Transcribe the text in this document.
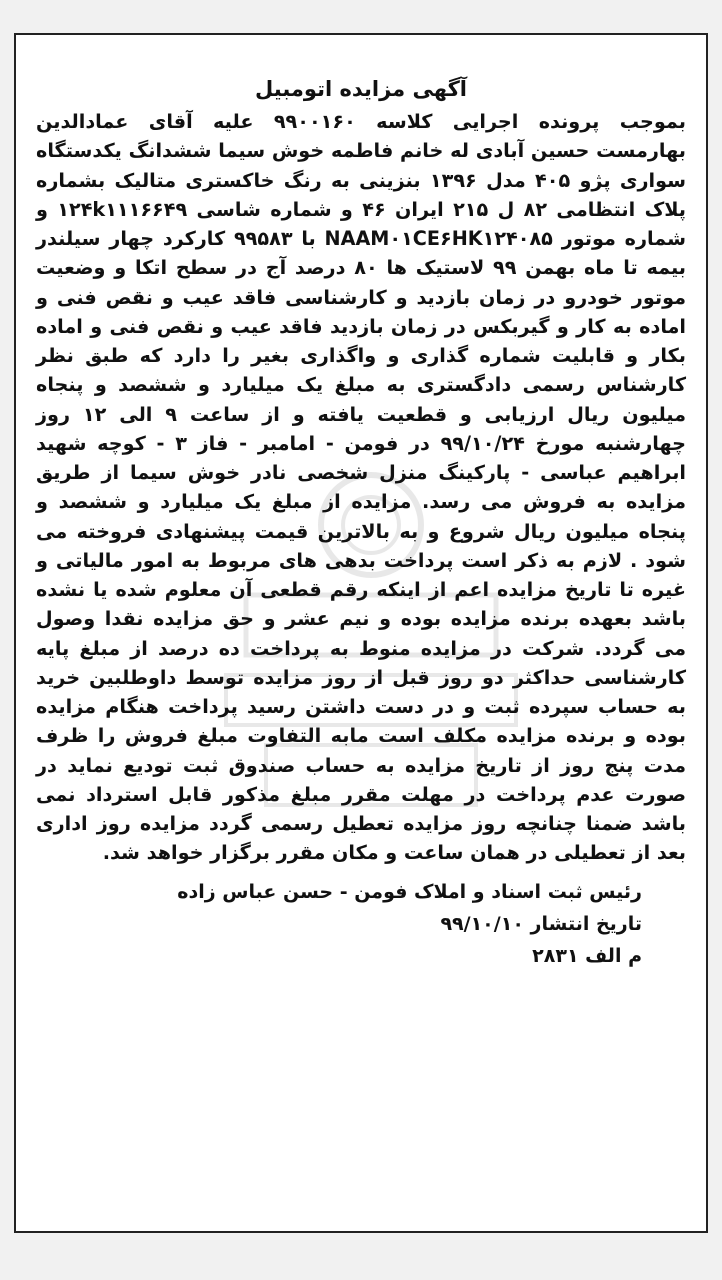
آگهی مزایده اتومبیل

بموجب پرونده اجرایی کلاسه ۹۹۰۰۱۶۰ علیه آقای عمادالدین بهارمست حسین آبادی له خانم فاطمه خوش سیما ششدانگ یکدستگاه سواری پژو ۴۰۵ مدل ۱۳۹۶ بنزینی به رنگ خاکستری متالیک بشماره پلاک انتظامی ۸۲ ل ۲۱۵ ایران ۴۶ و شماره شاسی ۱۲۴k۱۱۱۶۶۴۹ و شماره موتور NAAM۰۱CE۶HK۱۲۴۰۸۵ با ۹۹۵۸۳ کارکرد چهار سیلندر بیمه تا ماه بهمن ۹۹ لاستیک ها ۸۰ درصد آج در سطح اتکا و وضعیت موتور خودرو در زمان بازدید و کارشناسی فاقد عیب و نقص فنی و اماده به کار و گیربکس در زمان بازدید فاقد عیب و نقص فنی و اماده بکار و قابلیت شماره گذاری و واگذاری بغیر را دارد که طبق نظر کارشناس رسمی دادگستری به مبلغ یک میلیارد و ششصد و پنجاه میلیون ریال ارزیابی و قطعیت یافته و از ساعت ۹ الی ۱۲ روز چهارشنبه مورخ ۹۹/۱۰/۲۴ در فومن - امامبر - فاز ۳ - کوچه شهید ابراهیم عباسی - پارکینگ منزل شخصی نادر خوش سیما از طریق مزایده به فروش می رسد. مزایده از مبلغ یک میلیارد و ششصد و پنجاه میلیون ریال شروع و به بالاترین قیمت پیشنهادی فروخته می شود . لازم به ذکر است پرداخت بدهی های مربوط به امور مالیاتی و غیره تا تاریخ مزایده اعم از اینکه رقم قطعی آن معلوم شده یا نشده باشد بعهده برنده مزایده بوده و نیم عشر و حق مزایده نقدا وصول می گردد. شرکت در مزایده منوط به پرداخت ده درصد از مبلغ پایه کارشناسی حداکثر دو روز قبل از روز مزایده توسط داوطلبین خرید به حساب سپرده ثبت و در دست داشتن رسید پرداخت هنگام مزایده بوده و برنده مزایده مکلف است مابه التفاوت مبلغ فروش را ظرف مدت پنج روز از تاریخ مزایده به حساب صندوق ثبت توديع نماید در صورت عدم پرداخت در مهلت مقرر مبلغ مذکور قابل استرداد نمی باشد ضمنا چنانچه روز مزایده تعطیل رسمی گردد مزایده روز اداری بعد از تعطیلی در همان ساعت و مکان مقرر برگزار خواهد شد.

رئیس ثبت اسناد و املاک فومن - حسن عباس زاده
تاریخ انتشار ۹۹/۱۰/۱۰
م الف ۲۸۳۱
